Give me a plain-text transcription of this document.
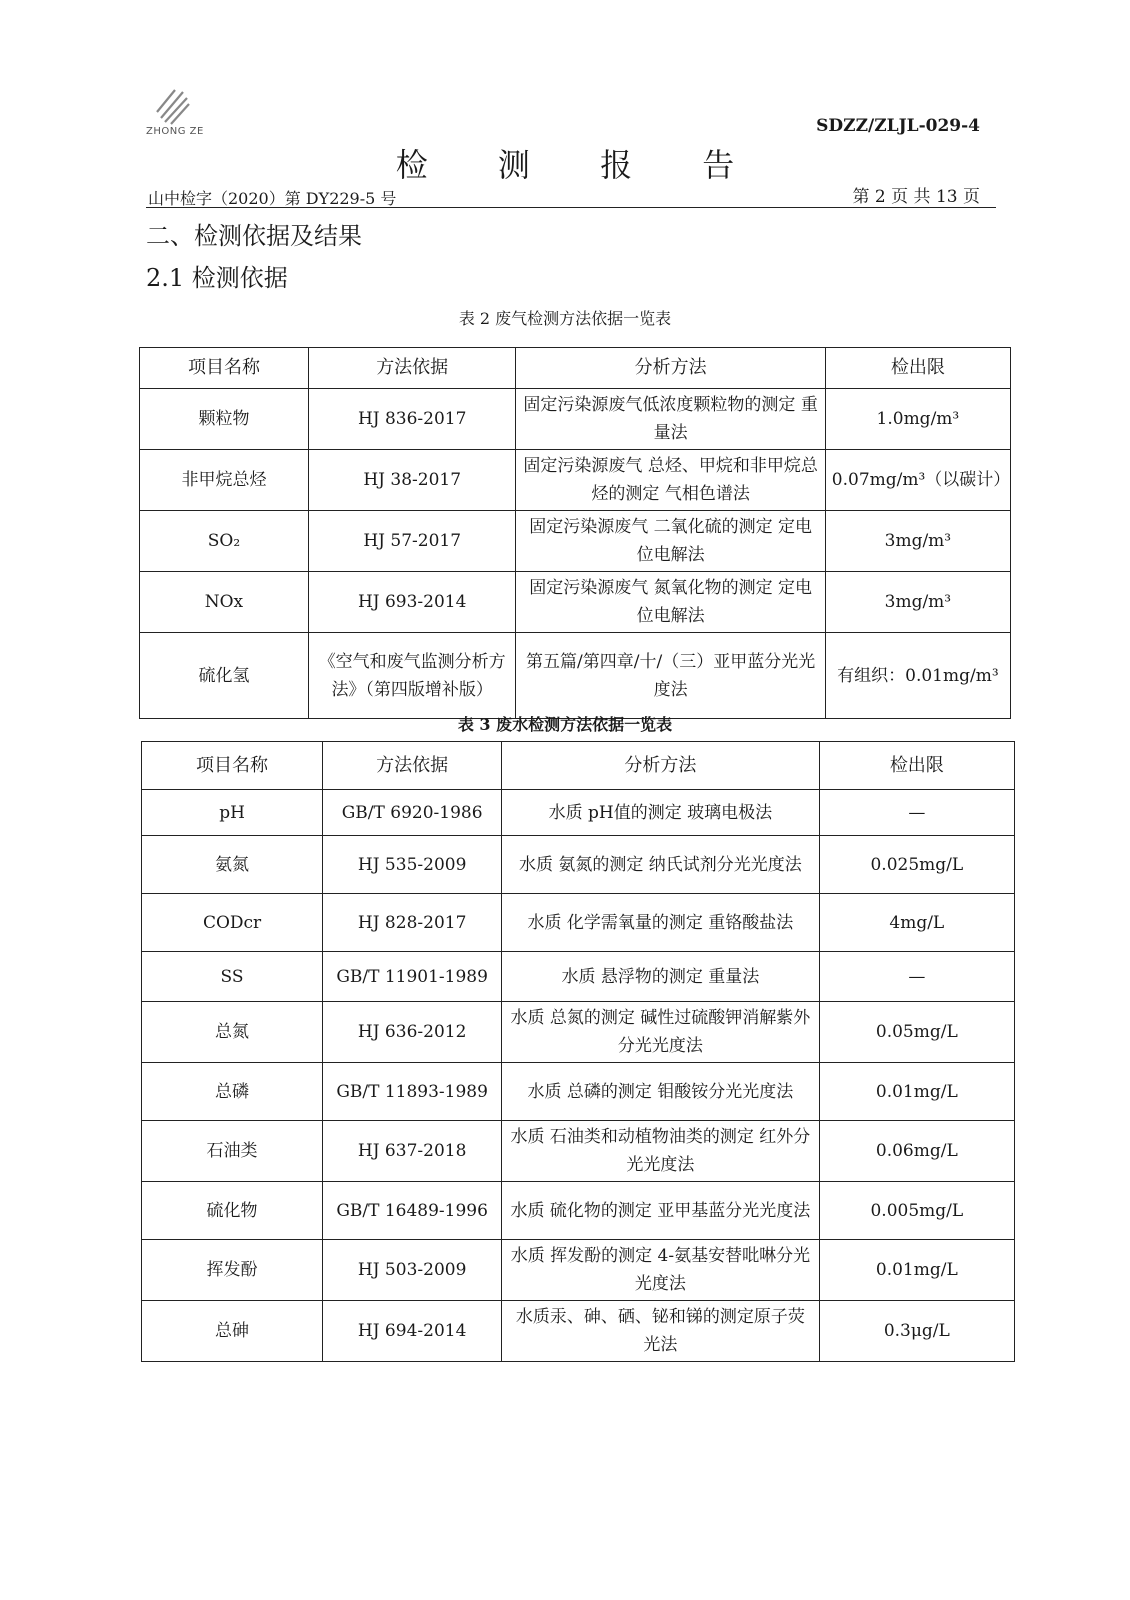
ZHONG ZE	SDZZ/ZLJL-029-4
检 测 报 告
山中检字（2020）第 DY229-5 号	第 2 页 共 13 页
二、检测依据及结果
2.1 检测依据
表 2 废气检测方法依据一览表
项目名称	方法依据	分析方法	检出限
颗粒物	HJ 836-2017	固定污染源废气低浓度颗粒物的测定 重量法	1.0mg/m³
非甲烷总烃	HJ 38-2017	固定污染源废气 总烃、甲烷和非甲烷总烃的测定 气相色谱法	0.07mg/m³（以碳计）
SO₂	HJ 57-2017	固定污染源废气 二氧化硫的测定 定电位电解法	3mg/m³
NOx	HJ 693-2014	固定污染源废气 氮氧化物的测定 定电位电解法	3mg/m³
硫化氢	《空气和废气监测分析方法》（第四版增补版）	第五篇/第四章/十/（三）亚甲蓝分光光度法	有组织：0.01mg/m³
表 3 废水检测方法依据一览表
项目名称	方法依据	分析方法	检出限
pH	GB/T 6920-1986	水质 pH值的测定 玻璃电极法	—
氨氮	HJ 535-2009	水质 氨氮的测定 纳氏试剂分光光度法	0.025mg/L
CODcr	HJ 828-2017	水质 化学需氧量的测定 重铬酸盐法	4mg/L
SS	GB/T 11901-1989	水质 悬浮物的测定 重量法	—
总氮	HJ 636-2012	水质 总氮的测定 碱性过硫酸钾消解紫外分光光度法	0.05mg/L
总磷	GB/T 11893-1989	水质 总磷的测定 钼酸铵分光光度法	0.01mg/L
石油类	HJ 637-2018	水质 石油类和动植物油类的测定 红外分光光度法	0.06mg/L
硫化物	GB/T 16489-1996	水质 硫化物的测定 亚甲基蓝分光光度法	0.005mg/L
挥发酚	HJ 503-2009	水质 挥发酚的测定 4-氨基安替吡啉分光光度法	0.01mg/L
总砷	HJ 694-2014	水质汞、砷、硒、铋和锑的测定原子荧光法	0.3μg/L
